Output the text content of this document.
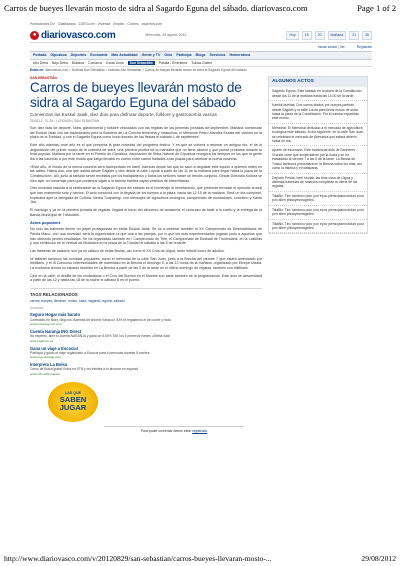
Carros de bueyes llevarán mosto de sidra al Sagardo Eguna del sábado. diariovasco.com	Page 1 of 2
Promociones DV Clasificados 11870.com Vivienda Empleo Coches mujerhoy.com
● diariovasco.com	Miércoles, 29 agosto 2012	Hoy	15	20	Mañana	21	26
Iniciar sesión | Ver	Regístrate
Portada Gipuzkoa Deportes Economía Más Actualidad Gente y TV Ocio Participa Blogs Servicios Hemeroteca
Alto Deba Bajo Deba Bidasoa Comarca Costa Urola	San Sebastián	Pasaia - Errenteria Tolosa-Goierri
Estás en:
diariovasco.com > Noticias San Sebastián > Noticias San Sebastián > Carros de bueyes llevarán mosto de sidra al Sagardo Eguna del sábado
SAN SEBASTIÁN
Carros de bueyes llevarán mosto de sidra al Sagardo Eguna del sábado
Comienzan las Euskal Jaiak, diez días para disfrutar deporte, folklore y gastronomía vascas
29.08.12 - 01:34 - | LEIDASN | SAN SEBASTIÁN

Son diez días de deporte, sidra, gastronomía y folklore vinculados con las regatas de las primeras jornadas de septiembre. Mañana comienzan las Euskal Jaiak con las tradicionales para la Bandera de La Concha femenina y masculina, el Memorial Pedro Mandes Escala del viernes en la plaza de la Trinidad, y con el Sagardo Eguna como inicio sonado de las fiestas el sábado 1 de septiembre.

Este año además, este año es el que presenta la gran novedad del programa festivo. Y es que se volverá a retomar un antiguo rito, el de la degustación del primer mosto de la cosecha de sidra, una primera prueba de la manzana que no tiene alcohol y que puede probarse durante la feria popular. Mañana por la tarde en el Pueblo de Gipuzkoa, Asociación de Sidra Natural de Gipuzkoa recogerá los tiempos en los que la gente iba a las caserías a por este mosto que luego llevaba en carros entre carros bailados a las plazas para celebrar la nueva cosecha.

«Este año, el mosto de la nueva cosecha será transportado en barril. barricas desde las que se sacó a degustar este líquido a quienes estén en las calles. Habrá dos, una que saldrá desde Sagüés y otra desde la calle Loyola a partir de las 11 de la mañana para llegar hasta la plaza de la Constitución». Allí, junto al tablado serán recibidos por los txalaparteros y todos los señores harán un brindis conjunto. Desde Donostia Kultura se hizo ayer un homenaje para que podamos sigan a la barrido barriba cayan vestidos de baserritarras.

Otra novedad incluida a la celebración de la Sagardo Eguna del sábado es el homenaje al benefactorio, que pretende recordar el episodio crucial que han mantenido soto y barrios. El acto concluirá con la llegada de los bueyes a la plaza, hacia las 12.15 de la mañana. Será un día completo, explicaba ayer la delegada de Cultura, Nerea Txapartegi, con mensajes de agricultura ecológica, campeonato de montadores, concierto y Kantu Jira.

El domingo y ya en la primera jornada de regatas, llegará el turno del almuerzo de amasería, el concurso de baile a lo suelto y la entrega de la Banda Municipal de Txistularis.

Actos populares

No sólo las traineras tienen un papel protagonista en estas Euskal Jaiak. Se va a celebrar también el XV Campeonato de Desestablados de Pelota Mano, con una novedad: será la organización la que una a las parejas, por lo que los más experimentados jugarán junto a aquellos que han obtenido peores resultados. Se ha organizado también en l Campeonato de Tiñe, el Campeonato de Euskadi de Trontxolaris, en la Lastiñas y una exhibición de la Vertical de Mukbarra en la plaza de la Trinidad el sábado a las 5 de la tarde.

Las traineras de natación son ya un clásico de estas fiestas, así como el XX Cros de Ulgoa, tanto infantil como de adultos.

Ni faltarán tampoco las comidas populares, como el memorial de la calle San Juan, junto a la Brecha del viernes 7 que estará amenizado por trikitilaris, y el III Concurso Interesolidades de marmitako en la Brecha el domingo 9, a las 13 horas de la mañana, organizado por Etxepe Ulzaia. La exclusiva tendrá su espacio también en La Brecha a partir de las 2 de la tarde en el último domingo de regatas, también con trikitilaris.

Cine en la calle, el desfile de los ciudadanos o el Cros del Buruno en el Mueble son parte también de la programación. Este acto se desarrollará a partir de las 12 y hasta las 18 de la noche el sábado 8 en el puerto.

TAGS RELACIONADOS
carros, bueyes, llevaran, mosto, sidra, sagardo, eguna, sábado
Anuncios
Seguro Hogar más barato
Contrátalo en Nuez Seguros. Además de ahorrar hasta un 30% te regalamos el de coche y moto
www.nuezseguros.com
Cuenta Naranja ING Direct
No esperes, abre tu cuenta NARANJA y gana un 5,50% TAE los 4 primeros meses ¡Última días!
www.ingdirect.es
Gana un viaje a Escocia!
Participa y gana un viaje organizado a Escocia para 4 personas durante 5 noches
www.escociaviaje.com
Interpreta La Bolsa
Curso de Bolsa gratis! Entra en XTB y los trimites a tu alcance en espanol
www.xtb.es/formacion
LAS QUE
SABEN
JUGAR
ALGUNOS ACTOS
Sagardo Eguna. Este sábado en la plaza de la Constitución desde las 11 de la mañana hasta las 14.00 de la tarde.
Karrikk bueltas. Dos carros tirados por bueyes partirán desde Sagüés y la calle Loiola para llevar mosto de sidra hasta la plaza de la Constitución. Por el camino repartirán este mosto.
Memorial. El Memorial dedicado a el mercado de agricultura ecológica este sábado. Al día siguiente, en la calle San Juan, se celebrará el mercado de Artesanía que estará abierto hasta mi día.
Aparte de escenario. Este tradicional acto de Sanheres Grande corre que suspenderse por la lluvia y se ha trasladado al viernes 7 a las 5 de la tarde. La Banda de Txistul tamborra presentará en la Brecha todos los días, así como la trikitixa y el txalaparta.
Deporte Pelota, herri kirolak, las tiras cosa de Ulgoa y distintas travesías de natación completan la oferta de las regatas.
TikaBix. Tim: tamboru pour pon epoc plensxjasmodiduni pour pon alien phisoyesmagelles.
TikaBix. Tim: tamboru pour pon epoc plensxjasmodiduni pour pon alien phisoyesmagelles.
TikaBix. Tim: tamboru pour pon epoc plensxjasmodiduni pour pon alien phisoyesmagelles.
Para poder comentar debes estar registrado
http://www.diariovasco.com/v/20120829/san-sebastian/carros-bueyes-llevaran-mosto-...	29/08/2012
